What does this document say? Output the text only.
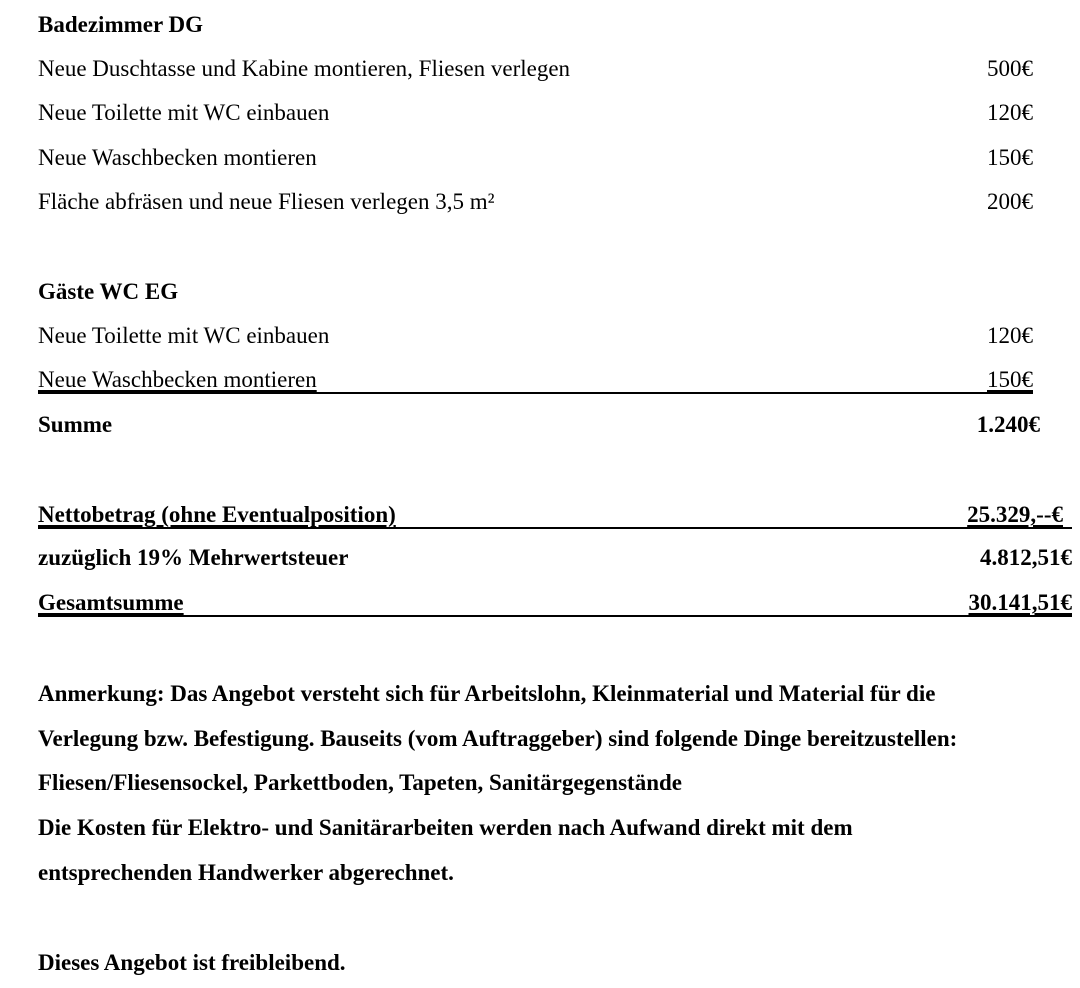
Badezimmer DG
Neue Duschtasse und Kabine montieren, Fliesen verlegen	500€
Neue Toilette mit WC einbauen	120€
Neue Waschbecken montieren	150€
Fläche abfräsen und neue Fliesen verlegen 3,5 m²	200€
Gäste WC EG
Neue Toilette mit WC einbauen	120€
Neue Waschbecken montieren	150€
Summe	1.240€
Nettobetrag (ohne Eventualposition)	25.329,--€
zuzüglich 19% Mehrwertsteuer	4.812,51€
Gesamtsumme	30.141,51€
Anmerkung: Das Angebot versteht sich für Arbeitslohn, Kleinmaterial und Material für die
Verlegung bzw. Befestigung. Bauseits (vom Auftraggeber) sind folgende Dinge bereitzustellen:
Fliesen/Fliesensockel, Parkettboden, Tapeten, Sanitärgegenstände
Die Kosten für Elektro- und Sanitärarbeiten werden nach Aufwand direkt mit dem
entsprechenden Handwerker abgerechnet.
Dieses Angebot ist freibleibend.
